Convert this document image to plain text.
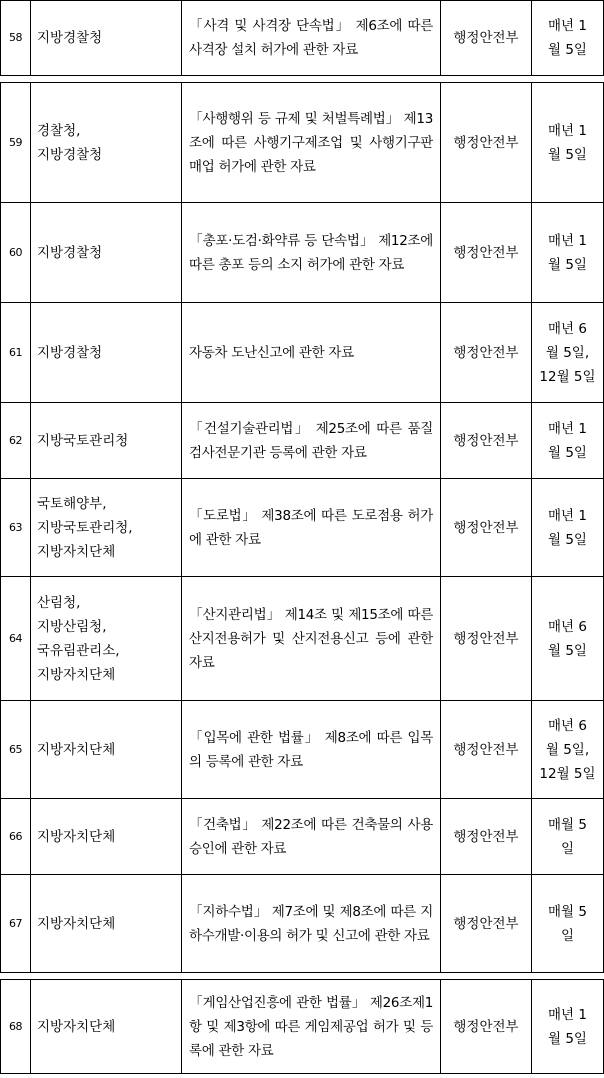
58	지방경찰청	「사격 및 사격장 단속법」 제6조에 따른 사격장 설치 허가에 관한 자료	행정안전부	매년 1
월 5일

59	경찰청,
지방경찰청	「사행행위 등 규제 및 처벌특례법」 제13조에 따른 사행기구제조업 및 사행기구판매업 허가에 관한 자료	행정안전부	매년 1
월 5일
60	지방경찰청	「총포·도검·화약류 등 단속법」 제12조에 따른 총포 등의 소지 허가에 관한 자료	행정안전부	매년 1
월 5일
61	지방경찰청	자동차 도난신고에 관한 자료	행정안전부	매년 6
월 5일,
12월 5일
62	지방국토관리청	「건설기술관리법」 제25조에 따른 품질검사전문기관 등록에 관한 자료	행정안전부	매년 1
월 5일
63	국토해양부,
지방국토관리청,
지방자치단체	「도로법」 제38조에 따른 도로점용 허가에 관한 자료	행정안전부	매년 1
월 5일
64	산림청,
지방산림청,
국유림관리소,
지방자치단체	「산지관리법」 제14조 및 제15조에 따른 산지전용허가 및 산지전용신고 등에 관한 자료	행정안전부	매년 6
월 5일
65	지방자치단체	「입목에 관한 법률」 제8조에 따른 입목의 등록에 관한 자료	행정안전부	매년 6
월 5일,
12월 5일
66	지방자치단체	「건축법」 제22조에 따른 건축물의 사용승인에 관한 자료	행정안전부	매월 5
일
67	지방자치단체	「지하수법」 제7조에 및 제8조에 따른 지하수개발·이용의 허가 및 신고에 관한 자료	행정안전부	매월 5
일

68	지방자치단체	「게임산업진흥에 관한 법률」 제26조제1항 및 제3항에 따른 게임제공업 허가 및 등록에 관한 자료	행정안전부	매년 1
월 5일
